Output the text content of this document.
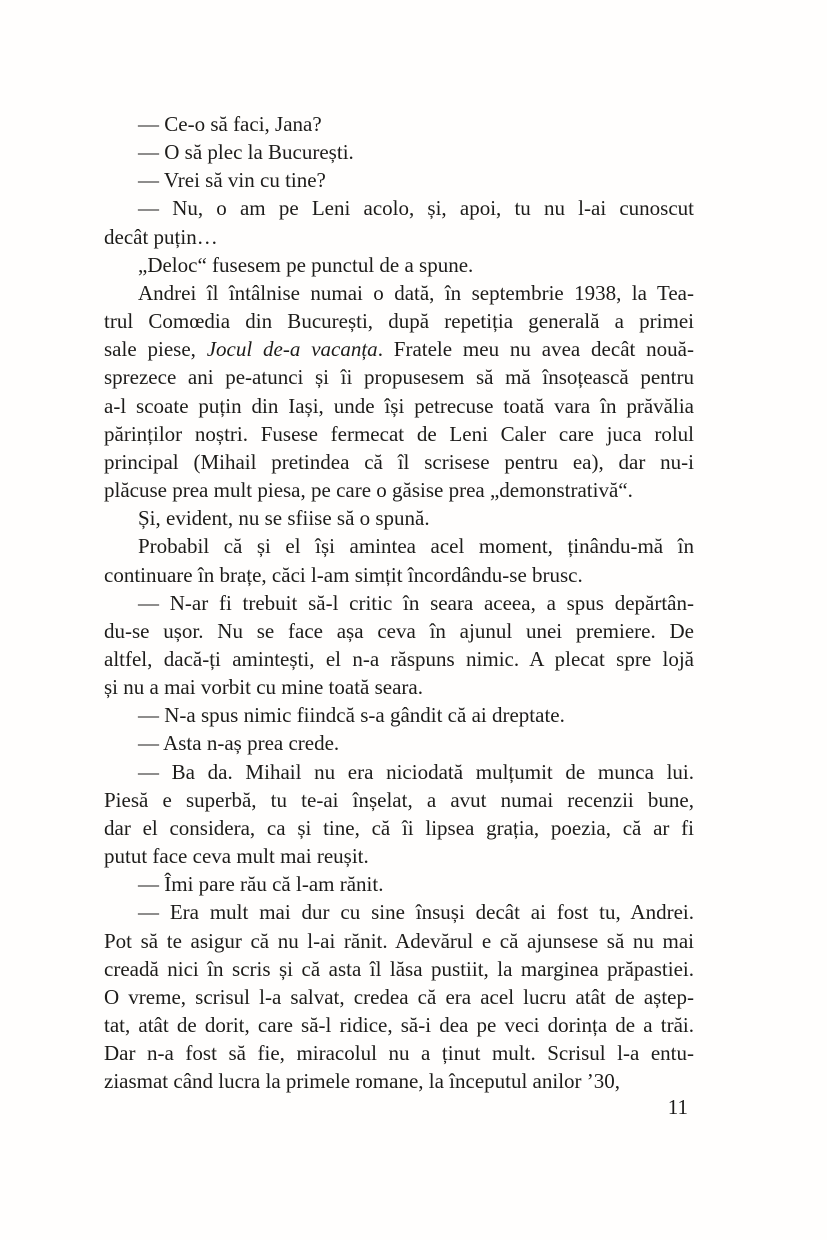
— Ce-o să faci, Jana?
— O să plec la București.
— Vrei să vin cu tine?
— Nu, o am pe Leni acolo, și, apoi, tu nu l-ai cunoscut
decât puțin…
„Deloc“ fusesem pe punctul de a spune.
Andrei îl întâlnise numai o dată, în septembrie 1938, la Tea-
trul Comœdia din București, după repetiția generală a primei
sale piese, Jocul de-a vacanța. Fratele meu nu avea decât nouă-
sprezece ani pe-atunci și îi propusesem să mă însoțească pentru
a-l scoate puțin din Iași, unde își petrecuse toată vara în prăvălia
părinților noștri. Fusese fermecat de Leni Caler care juca rolul
principal (Mihail pretindea că îl scrisese pentru ea), dar nu-i
plăcuse prea mult piesa, pe care o găsise prea „demonstrativă“.
Și, evident, nu se sfiise să o spună.
Probabil că și el își amintea acel moment, ținându-mă în
continuare în brațe, căci l-am simțit încordându-se brusc.
— N-ar fi trebuit să-l critic în seara aceea, a spus depărtân-
du-se ușor. Nu se face așa ceva în ajunul unei premiere. De
altfel, dacă-ți amintești, el n-a răspuns nimic. A plecat spre lojă
și nu a mai vorbit cu mine toată seara.
— N-a spus nimic fiindcă s-a gândit că ai dreptate.
— Asta n-aș prea crede.
— Ba da. Mihail nu era niciodată mulțumit de munca lui.
Piesă e superbă, tu te-ai înșelat, a avut numai recenzii bune,
dar el considera, ca și tine, că îi lipsea grația, poezia, că ar fi
putut face ceva mult mai reușit.
— Îmi pare rău că l-am rănit.
— Era mult mai dur cu sine însuși decât ai fost tu, Andrei.
Pot să te asigur că nu l-ai rănit. Adevărul e că ajunsese să nu mai
creadă nici în scris și că asta îl lăsa pustiit, la marginea prăpastiei.
O vreme, scrisul l-a salvat, credea că era acel lucru atât de aștep-
tat, atât de dorit, care să-l ridice, să-i dea pe veci dorința de a trăi.
Dar n-a fost să fie, miracolul nu a ținut mult. Scrisul l-a entu-
ziasmat când lucra la primele romane, la începutul anilor ’30,
11
